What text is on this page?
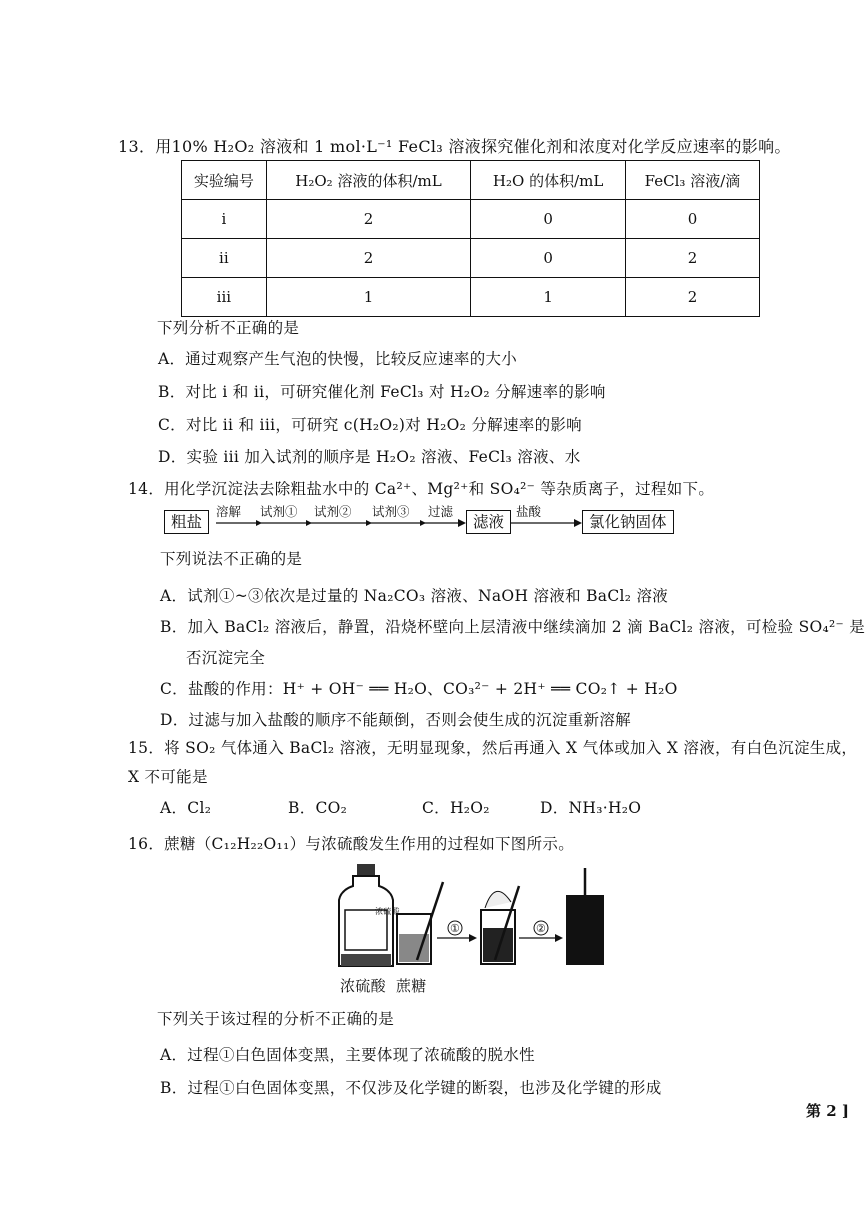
13．用10% H₂O₂ 溶液和 1 mol·L⁻¹ FeCl₃ 溶液探究催化剂和浓度对化学反应速率的影响。
实验编号	H₂O₂ 溶液的体积/mL	H₂O 的体积/mL	FeCl₃ 溶液/滴
i	2	0	0
ii	2	0	2
iii	1	1	2
下列分析不正确的是
A．通过观察产生气泡的快慢，比较反应速率的大小
B．对比 i 和 ii，可研究催化剂 FeCl₃ 对 H₂O₂ 分解速率的影响
C．对比 ii 和 iii，可研究 c(H₂O₂)对 H₂O₂ 分解速率的影响
D．实验 iii 加入试剂的顺序是 H₂O₂ 溶液、FeCl₃ 溶液、水
14．用化学沉淀法去除粗盐水中的 Ca²⁺、Mg²⁺和 SO₄²⁻ 等杂质离子，过程如下。
粗盐
溶解 试剂① 试剂② 试剂③ 过滤
滤液
盐酸
氯化钠固体
下列说法不正确的是
A．试剂①~③依次是过量的 Na₂CO₃ 溶液、NaOH 溶液和 BaCl₂ 溶液
B．加入 BaCl₂ 溶液后，静置，沿烧杯壁向上层清液中继续滴加 2 滴 BaCl₂ 溶液，可检验 SO₄²⁻ 是
否沉淀完全
C．盐酸的作用：H⁺ + OH⁻ ══ H₂O、CO₃²⁻ + 2H⁺ ══ CO₂↑ + H₂O
D．过滤与加入盐酸的顺序不能颠倒，否则会使生成的沉淀重新溶解
15．将 SO₂ 气体通入 BaCl₂ 溶液，无明显现象，然后再通入 X 气体或加入 X 溶液，有白色沉淀生成，
X 不可能是
A．Cl₂	B．CO₂	C．H₂O₂	D．NH₃·H₂O
16．蔗糖（C₁₂H₂₂O₁₁）与浓硫酸发生作用的过程如下图所示。
浓硫酸 蔗糖
浓硫酸
①	②
下列关于该过程的分析不正确的是
A．过程①白色固体变黑，主要体现了浓硫酸的脱水性
B．过程①白色固体变黑，不仅涉及化学键的断裂，也涉及化学键的形成
第 2 ]
